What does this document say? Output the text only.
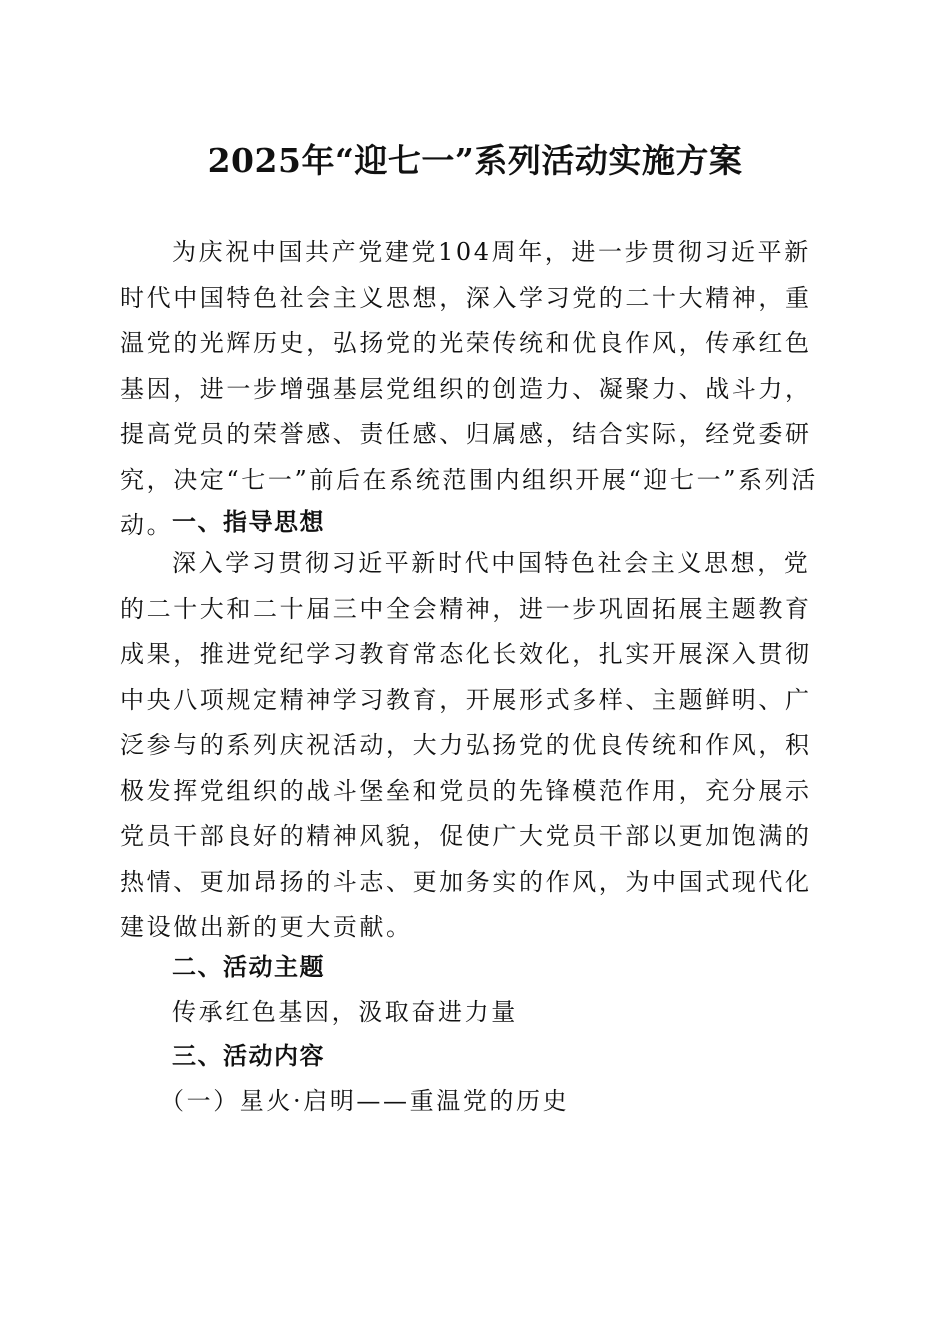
2025年“迎七一”系列活动实施方案

为庆祝中国共产党建党104周年，进一步贯彻习近平新时代中国特色社会主义思想，深入学习党的二十大精神，重温党的光辉历史，弘扬党的光荣传统和优良作风，传承红色基因，进一步增强基层党组织的创造力、凝聚力、战斗力，提高党员的荣誉感、责任感、归属感，结合实际，经党委研究，决定“七一”前后在系统范围内组织开展“迎七一”系列活动。

一、指导思想

深入学习贯彻习近平新时代中国特色社会主义思想，党的二十大和二十届三中全会精神，进一步巩固拓展主题教育成果，推进党纪学习教育常态化长效化，扎实开展深入贯彻中央八项规定精神学习教育，开展形式多样、主题鲜明、广泛参与的系列庆祝活动，大力弘扬党的优良传统和作风，积极发挥党组织的战斗堡垒和党员的先锋模范作用，充分展示党员干部良好的精神风貌，促使广大党员干部以更加饱满的热情、更加昂扬的斗志、更加务实的作风，为中国式现代化建设做出新的更大贡献。

二、活动主题

传承红色基因，汲取奋进力量

三、活动内容

（一）星火·启明——重温党的历史
